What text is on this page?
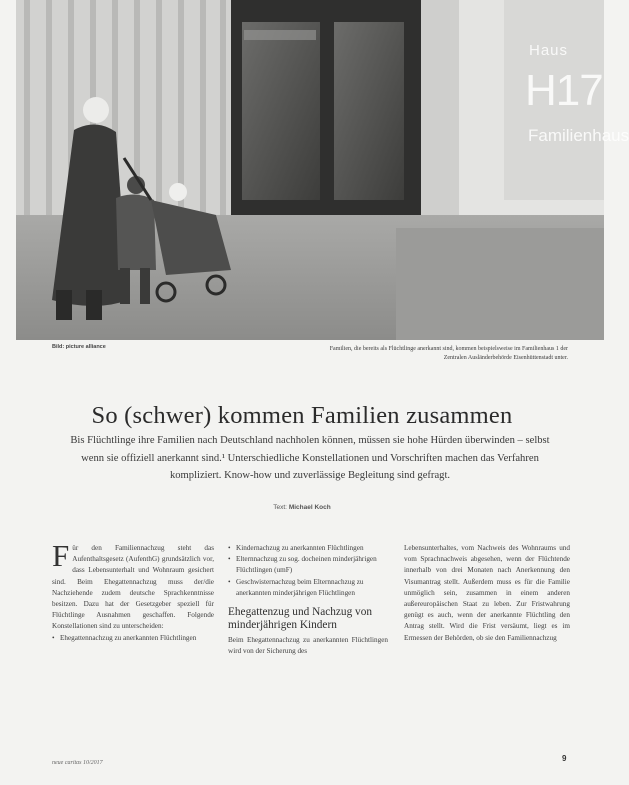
Haus
H17
Familienhaus
Bild: picture alliance	Familien, die bereits als Flüchtlinge anerkannt sind, kommen beispielsweise im Familienhaus 1 der Zentralen Ausländerbehörde Eisenhüttenstadt unter.
So (schwer) kommen Familien zusammen
Bis Flüchtlinge ihre Familien nach Deutschland nachholen können, müssen sie hohe Hürden überwinden – selbst wenn sie offiziell anerkannt sind.¹ Unterschiedliche Konstellationen und Vorschriften machen das Verfahren kompliziert. Know-how und zuverlässige Begleitung sind gefragt.
Text: Michael Koch

Für den Familiennachzug steht das Aufenthaltsgesetz (AufenthG) grundsätzlich vor, dass Lebensunterhalt und Wohnraum gesichert sind. Beim Ehegattennachzug muss der/die Nachziehende zudem deutsche Sprachkenntnisse besitzen. Dazu hat der Gesetzgeber speziell für Flüchtlinge Ausnahmen geschaffen. Folgende Konstellationen sind zu unterscheiden:

• Ehegattennachzug zu anerkannten Flüchtlingen
• Kindernachzug zu anerkannten Flüchtlingen
• Elternnachzug zu sog. docheinen minderjährigen Flüchtlingen (umF)
• Geschwisternachzug beim Elternnachzug zu anerkannten minderjährigen Flüchtlingen
Ehegattenzug und Nachzug von minderjährigen Kindern

Beim Ehegattennachzug zu anerkannten Flüchtlingen wird von der Sicherung des

Lebensunterhaltes, vom Nachweis des Wohnraums und vom Sprachnachweis abgesehen, wenn der Flüchtende innerhalb von drei Monaten nach Anerkennung den Visumantrag stellt. Außerdem muss es für die Familie unmöglich sein, zusammen in einem anderen außereuropäischen Staat zu leben. Zur Fristwahrung genügt es auch, wenn der anerkannte Flüchtling den Antrag stellt. Wird die Frist versäumt, liegt es im Ermessen der Behörden, ob sie den Familiennachzug

neue caritas 10/2017	9
